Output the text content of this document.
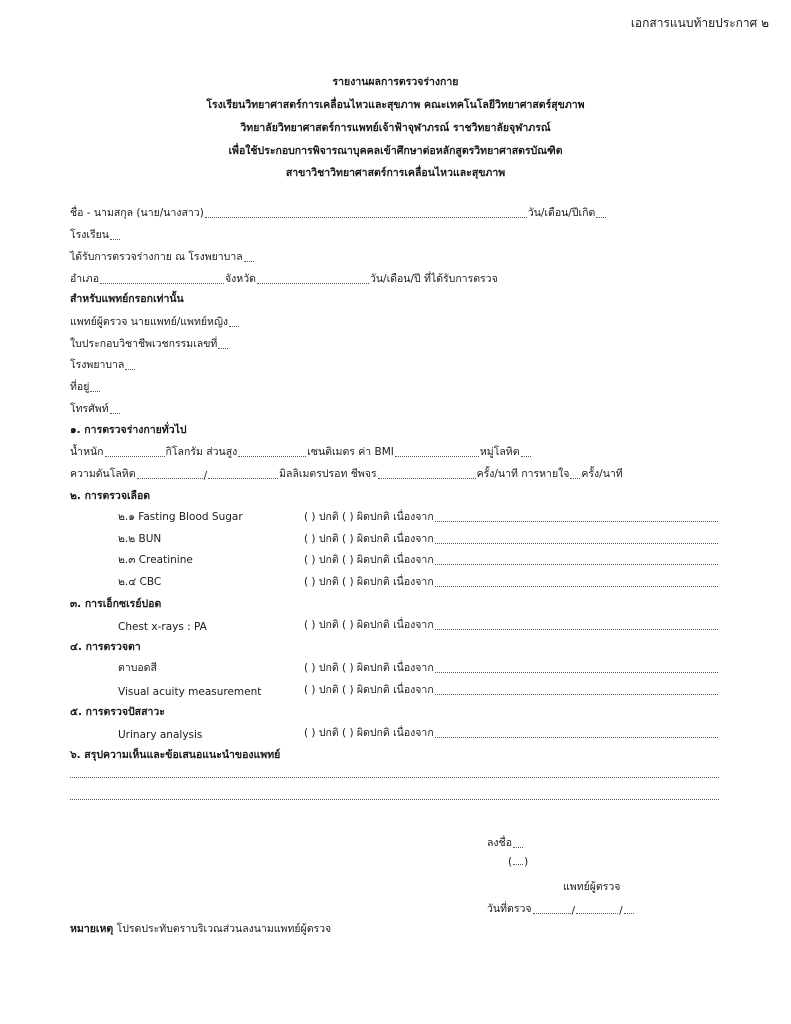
เอกสารแนบท้ายประกาศ ๒
รายงานผลการตรวจร่างกาย
โรงเรียนวิทยาศาสตร์การเคลื่อนไหวและสุขภาพ คณะเทคโนโลยีวิทยาศาสตร์สุขภาพ
วิทยาลัยวิทยาศาสตร์การแพทย์เจ้าฟ้าจุฬาภรณ์ ราชวิทยาลัยจุฬาภรณ์
เพื่อใช้ประกอบการพิจารณาบุคคลเข้าศึกษาต่อหลักสูตรวิทยาศาสตรบัณฑิต
สาขาวิชาวิทยาศาสตร์การเคลื่อนไหวและสุขภาพ
ชื่อ - นามสกุล (นาย/นางสาว)	วัน/เดือน/ปีเกิด
โรงเรียน
ได้รับการตรวจร่างกาย ณ โรงพยาบาล
อำเภอ	จังหวัด	วัน/เดือน/ปี ที่ได้รับการตรวจ
สำหรับแพทย์กรอกเท่านั้น
แพทย์ผู้ตรวจ นายแพทย์/แพทย์หญิง
ใบประกอบวิชาชีพเวชกรรมเลขที่
โรงพยาบาล
ที่อยู่
โทรศัพท์
๑. การตรวจร่างกายทั่วไป
น้ำหนัก	กิโลกรัม ส่วนสูง	เซนติเมตร ค่า BMI	หมู่โลหิต
ความดันโลหิต	/	มิลลิเมตรปรอท ชีพจร	ครั้ง/นาที การหายใจ ครั้ง/นาที
๒. การตรวจเลือด
๒.๑ Fasting Blood Sugar	( ) ปกติ ( ) ผิดปกติ เนื่องจาก
๒.๒ BUN	( ) ปกติ ( ) ผิดปกติ เนื่องจาก
๒.๓ Creatinine	( ) ปกติ ( ) ผิดปกติ เนื่องจาก
๒.๔ CBC	( ) ปกติ ( ) ผิดปกติ เนื่องจาก
๓. การเอ็กซเรย์ปอด
Chest x-rays : PA	( ) ปกติ ( ) ผิดปกติ เนื่องจาก
๔. การตรวจตา
ตาบอดสี	( ) ปกติ ( ) ผิดปกติ เนื่องจาก
Visual acuity measurement	( ) ปกติ ( ) ผิดปกติ เนื่องจาก
๕. การตรวจปัสสาวะ
Urinary analysis	( ) ปกติ ( ) ผิดปกติ เนื่องจาก
๖. สรุปความเห็นและข้อเสนอแนะนำของแพทย์
ลงชื่อ
( )
แพทย์ผู้ตรวจ
วันที่ตรวจ	/	/
หมายเหตุ โปรดประทับตราบริเวณส่วนลงนามแพทย์ผู้ตรวจ
